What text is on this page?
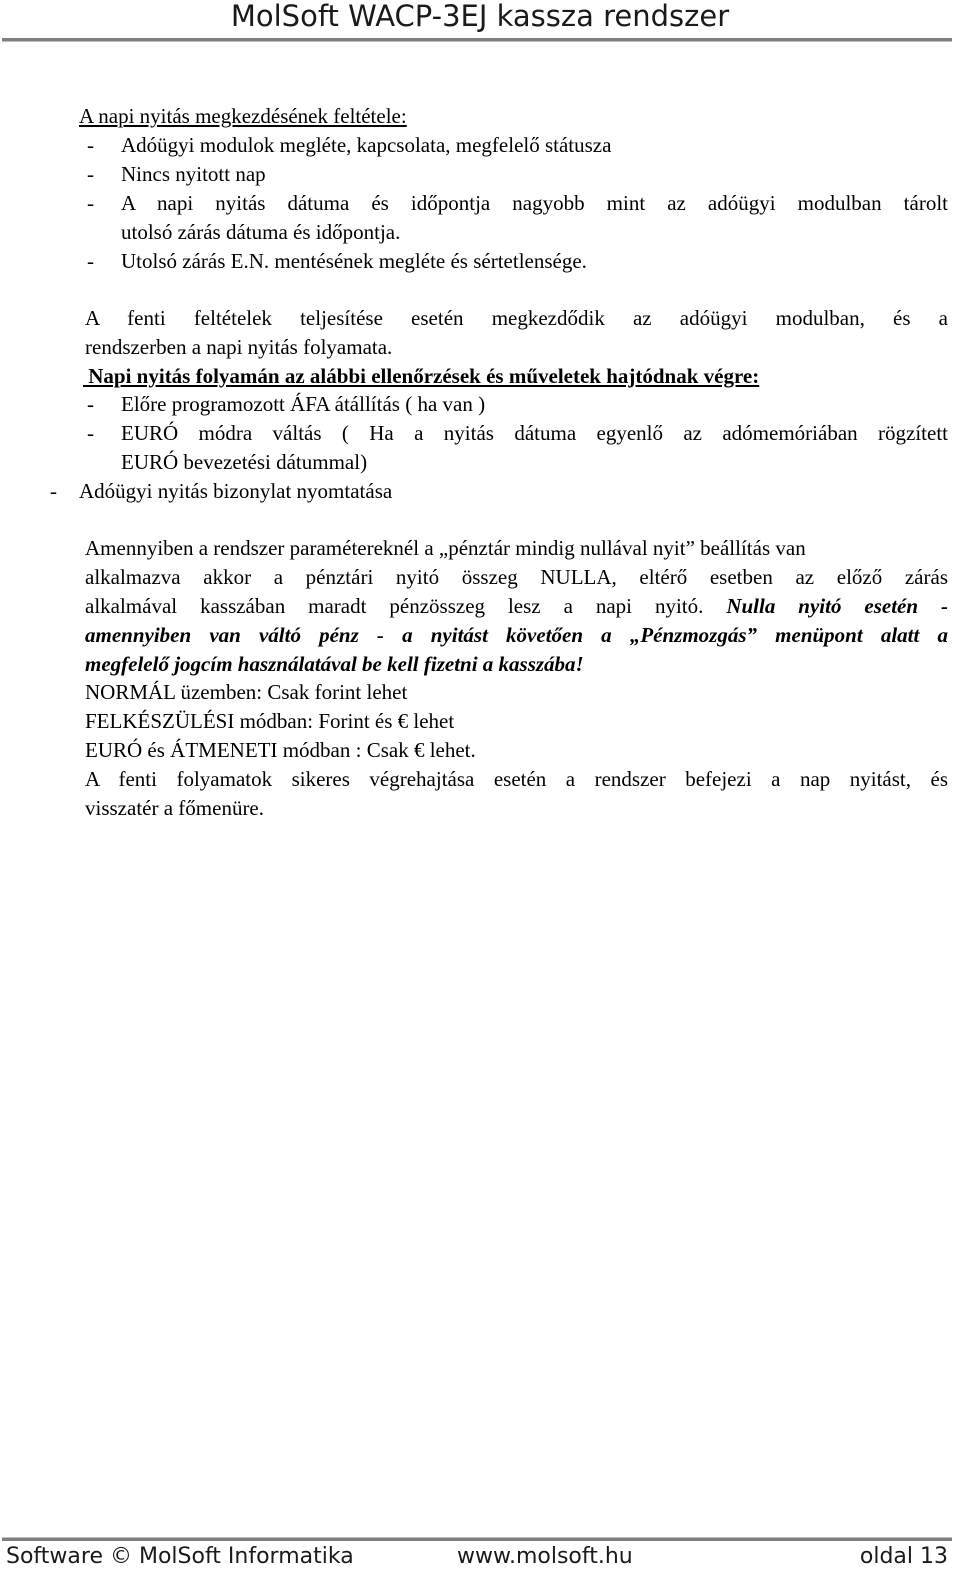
MolSoft WACP-3EJ kassza rendszer
A napi nyitás megkezdésének feltétele:
- Adóügyi modulok megléte, kapcsolata, megfelelő státusza
- Nincs nyitott nap
- A napi nyitás dátuma és időpontja nagyobb mint az adóügyi modulban tárolt
utolsó zárás dátuma és időpontja.
- Utolsó zárás E.N. mentésének megléte és sértetlensége.
A fenti feltételek teljesítése esetén megkezdődik az adóügyi modulban, és a
rendszerben a napi nyitás folyamata.
Napi nyitás folyamán az alábbi ellenőrzések és műveletek hajtódnak végre:
- Előre programozott ÁFA átállítás ( ha van )
- EURÓ módra váltás ( Ha a nyitás dátuma egyenlő az adómemóriában rögzített
EURÓ bevezetési dátummal)
- Adóügyi nyitás bizonylat nyomtatása
Amennyiben a rendszer paramétereknél a „pénztár mindig nullával nyit” beállítás van
alkalmazva akkor a pénztári nyitó összeg NULLA, eltérő esetben az előző zárás
alkalmával kasszában maradt pénzösszeg lesz a napi nyitó. Nulla nyitó esetén -
amennyiben van váltó pénz - a nyitást követően a „Pénzmozgás” menüpont alatt a
megfelelő jogcím használatával be kell fizetni a kasszába!
NORMÁL üzemben: Csak forint lehet
FELKÉSZÜLÉSI módban: Forint és € lehet
EURÓ és ÁTMENETI módban : Csak € lehet.
A fenti folyamatok sikeres végrehajtása esetén a rendszer befejezi a nap nyitást, és
visszatér a főmenüre.
Software © MolSoft Informatika	www.molsoft.hu	oldal 13
